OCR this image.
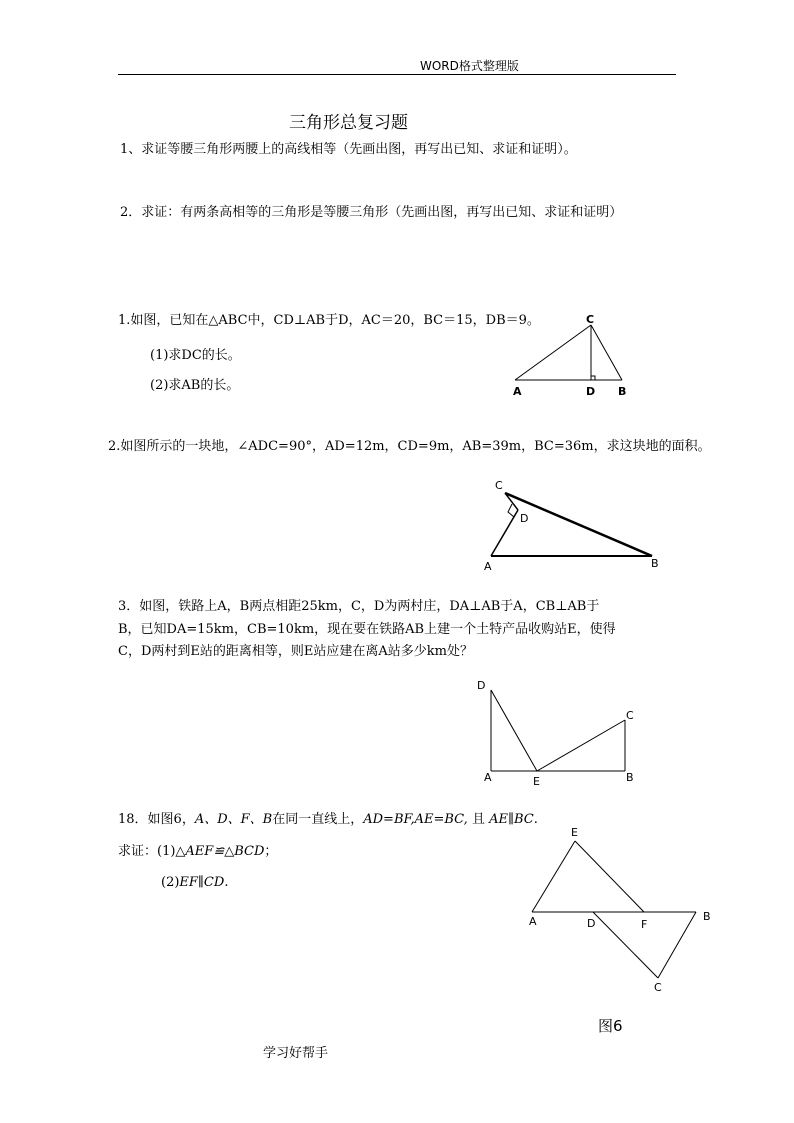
WORD格式整理版
三角形总复习题
1、求证等腰三角形两腰上的高线相等（先画出图，再写出已知、求证和证明）。
2．求证：有两条高相等的三角形是等腰三角形（先画出图，再写出已知、求证和证明）
1.如图，已知在△ABC中，CD⊥AB于D，AC＝20，BC＝15，DB＝9。
(1)求DC的长。
(2)求AB的长。
C
A	D B
2.如图所示的一块地，∠ADC=90°，AD=12m，CD=9m，AB=39m，BC=36m，求这块地的面积。
C
D
A	B
3．如图，铁路上A，B两点相距25km，C，D为两村庄，DA⊥AB于A，CB⊥AB于
B，已知DA=15km，CB=10km，现在要在铁路AB上建一个土特产品收购站E，使得
C，D两村到E站的距离相等，则E站应建在离A站多少km处？
D
C
A	E	B
18．如图6，A、D、F、B在同一直线上，AD=BF,AE=BC, 且 AE∥BC.
求证：(1)△AEF≌△BCD；
(2)EF∥CD.
E
A	D	F
B
C
图6
学习好帮手
